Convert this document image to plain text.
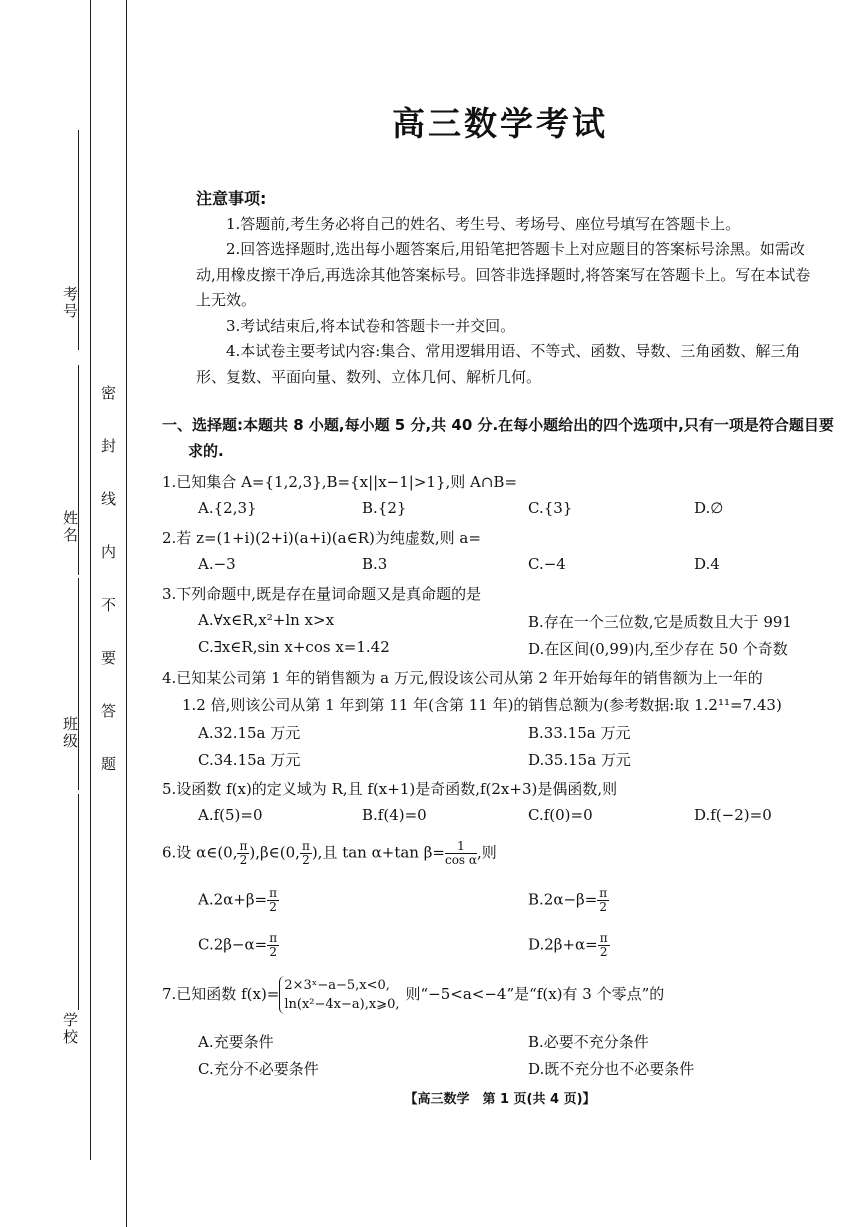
考号
姓名
班级
学校
密封线内不要答题
高三数学考试

注意事项:

1.答题前,考生务必将自己的姓名、考生号、考场号、座位号填写在答题卡上。

2.回答选择题时,选出每小题答案后,用铅笔把答题卡上对应题目的答案标号涂黑。如需改动,用橡皮擦干净后,再选涂其他答案标号。回答非选择题时,将答案写在答题卡上。写在本试卷上无效。

3.考试结束后,将本试卷和答题卡一并交回。

4.本试卷主要考试内容:集合、常用逻辑用语、不等式、函数、导数、三角函数、解三角形、复数、平面向量、数列、立体几何、解析几何。

一、选择题:本题共 8 小题,每小题 5 分,共 40 分.在每小题给出的四个选项中,只有一项是符合题目要求的.
1.已知集合 A={1,2,3},B={x||x−1|>1},则 A∩B=
A.{2,3}	B.{2}	C.{3}	D.∅
2.若 z=(1+i)(2+i)(a+i)(a∈R)为纯虚数,则 a=
A.−3	B.3	C.−4	D.4
3.下列命题中,既是存在量词命题又是真命题的是
A.∀x∈R,x²+ln x>x	B.存在一个三位数,它是质数且大于 991
C.∃x∈R,sin x+cos x=1.42	D.在区间(0,99)内,至少存在 50 个奇数
4.已知某公司第 1 年的销售额为 a 万元,假设该公司从第 2 年开始每年的销售额为上一年的
1.2 倍,则该公司从第 1 年到第 11 年(含第 11 年)的销售总额为(参考数据:取 1.2¹¹=7.43)
A.32.15a 万元	B.33.15a 万元
C.34.15a 万元	D.35.15a 万元
5.设函数 f(x)的定义域为 R,且 f(x+1)是奇函数,f(2x+3)是偶函数,则
A.f(5)=0	B.f(4)=0	C.f(0)=0	D.f(−2)=0
6.设 α∈(0, $\frac{\pi}{2}$ ),β∈(0, $\frac{\pi}{2}$ ),且 tan α+tan $\beta= \frac{1}{\text{cos α}}$ ,则
$A.2\alpha+\beta= \frac{\pi}{2}$	$B.2\alpha-\beta= \frac{\pi}{2}$
$C.2\beta-\alpha= \frac{\pi}{2}$	$D.2\beta+\alpha= \frac{\pi}{2}$
7.已知函数 f(x)= 2×3ˣ−a−5,x<0,
ln(x²−4x−a),x⩾0,
则“−5<a<−4”是“f(x)有 3 个零点”的
A.充要条件	B.必要不充分条件
C.充分不必要条件	D.既不充分也不必要条件
【高三数学　第 1 页(共 4 页)】
